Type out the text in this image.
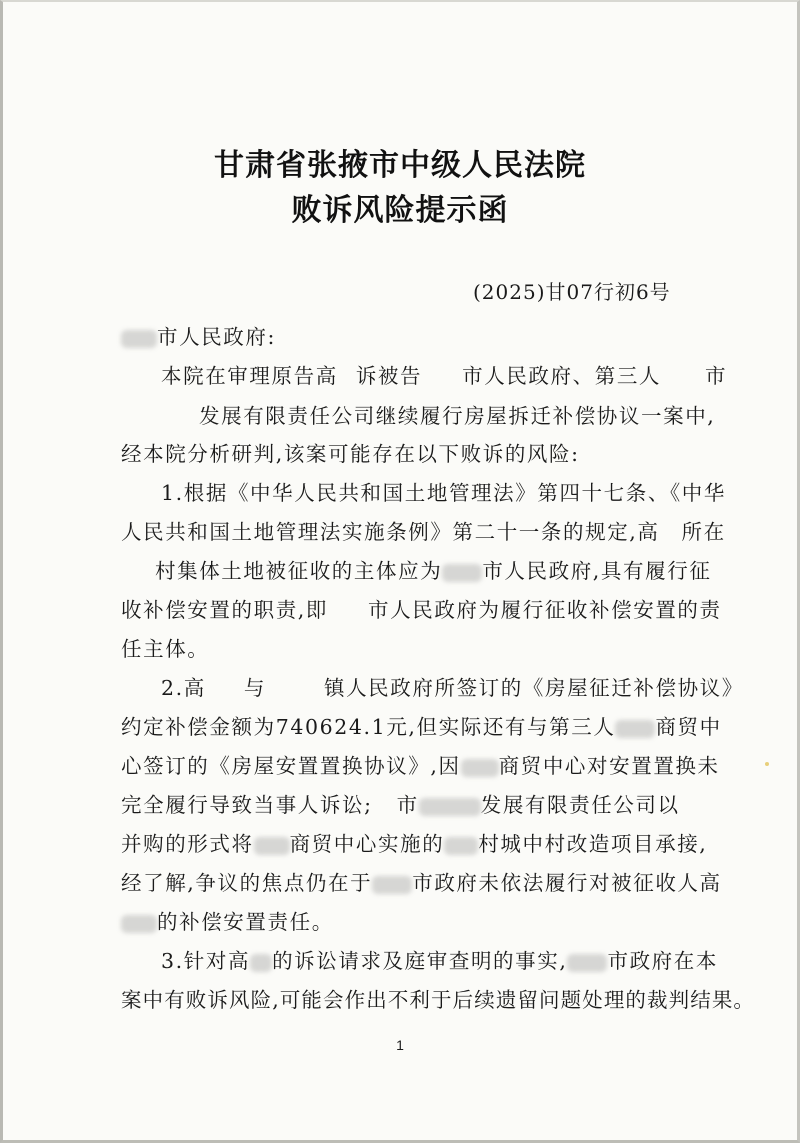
甘肃省张掖市中级人民法院
败诉风险提示函
(2025)甘07行初6号
市人民政府:
本院在审理原告高 诉被告 市人民政府、第三人 市
发展有限责任公司继续履行房屋拆迁补偿协议一案中,
经本院分析研判,该案可能存在以下败诉的风险:
1.根据《中华人民共和国土地管理法》第四十七条、《中华
人民共和国土地管理法实施条例》第二十一条的规定,高 所在
村集体土地被征收的主体应为 市人民政府,具有履行征
收补偿安置的职责,即 市人民政府为履行征收补偿安置的责
任主体。
2.高 与	镇人民政府所签订的《房屋征迁补偿协议》
约定补偿金额为740624.1元,但实际还有与第三人 商贸中
心签订的《房屋安置置换协议》,因 商贸中心对安置置换未
完全履行导致当事人诉讼; 市	发展有限责任公司以
并购的形式将 商贸中心实施的 村城中村改造项目承接,
经了解,争议的焦点仍在于 市政府未依法履行对被征收人高
的补偿安置责任。
3.针对高 的诉讼请求及庭审查明的事实, 市政府在本
案中有败诉风险,可能会作出不利于后续遗留问题处理的裁判结果。
1
